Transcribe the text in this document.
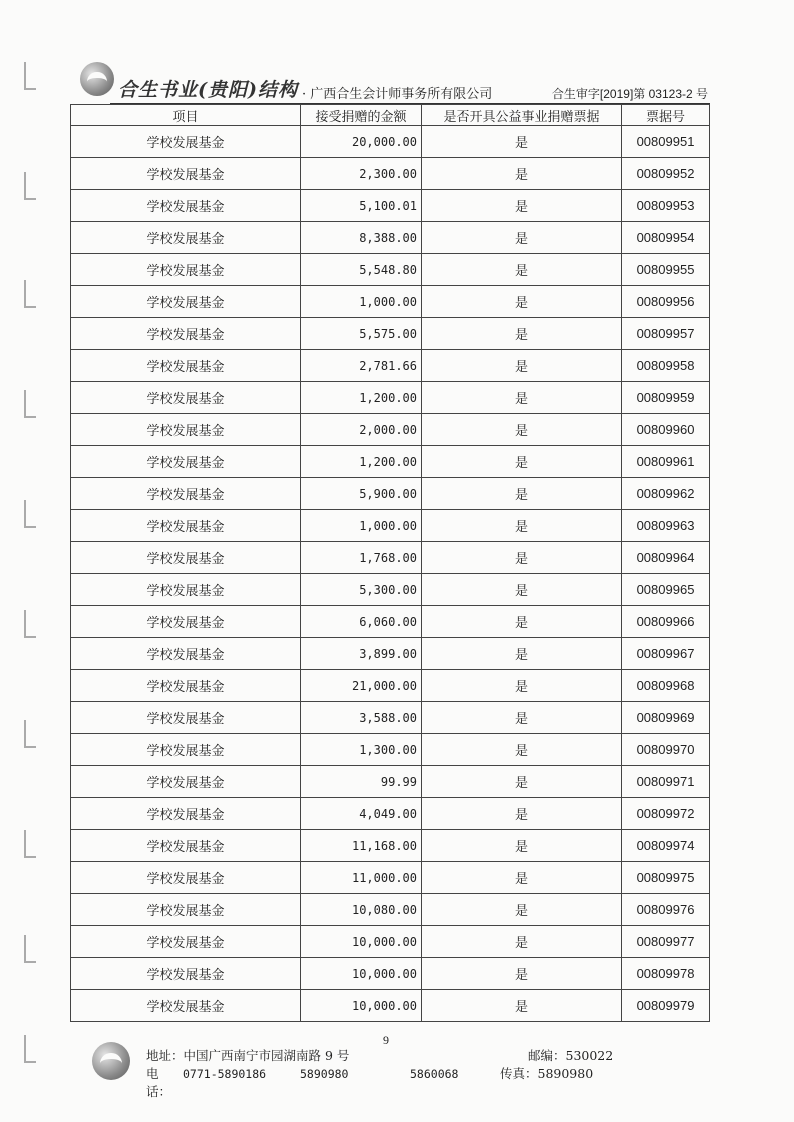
合生书业(贵阳)结构 · 广西合生会计师事务所有限公司	合生审字[2019]第 03123-2 号
项目	接受捐赠的金额	是否开具公益事业捐赠票据	票据号
学校发展基金	20,000.00	是	00809951
学校发展基金	2,300.00	是	00809952
学校发展基金	5,100.01	是	00809953
学校发展基金	8,388.00	是	00809954
学校发展基金	5,548.80	是	00809955
学校发展基金	1,000.00	是	00809956
学校发展基金	5,575.00	是	00809957
学校发展基金	2,781.66	是	00809958
学校发展基金	1,200.00	是	00809959
学校发展基金	2,000.00	是	00809960
学校发展基金	1,200.00	是	00809961
学校发展基金	5,900.00	是	00809962
学校发展基金	1,000.00	是	00809963
学校发展基金	1,768.00	是	00809964
学校发展基金	5,300.00	是	00809965
学校发展基金	6,060.00	是	00809966
学校发展基金	3,899.00	是	00809967
学校发展基金	21,000.00	是	00809968
学校发展基金	3,588.00	是	00809969
学校发展基金	1,300.00	是	00809970
学校发展基金	99.99	是	00809971
学校发展基金	4,049.00	是	00809972
学校发展基金	11,168.00	是	00809974
学校发展基金	11,000.00	是	00809975
学校发展基金	10,080.00	是	00809976
学校发展基金	10,000.00	是	00809977
学校发展基金	10,000.00	是	00809978
学校发展基金	10,000.00	是	00809979
9
地址：中国广西南宁市园湖南路 9 号	邮编：530022
电话：
0771-5890186	5890980	5860068	传真：5890980
